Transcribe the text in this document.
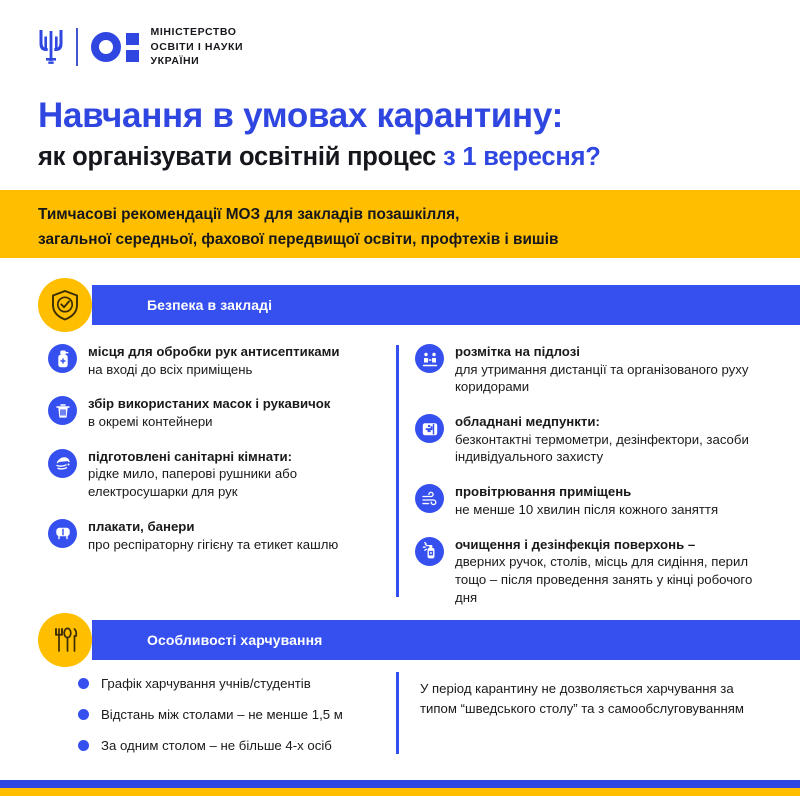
МІНІСТЕРСТВО
ОСВІТИ І НАУКИ
УКРАЇНИ
Навчання в умовах карантину:
як організувати освітній процес з 1 вересня?
Тимчасові рекомендації МОЗ для закладів позашкілля,
загальної середньої, фахової передвищої освіти, профтехів і вишів
Безпека в закладі
місця для обробки рук антисептиками
на вході до всіх приміщень
збір використаних масок і рукавичок
в окремі контейнери
підготовлені санітарні кімнати:
рідке мило, паперові рушники або електросушарки для рук
плакати, банери
про респіраторну гігієну та етикет кашлю
розмітка на підлозі
для утримання дистанції та організованого руху коридорами
обладнані медпункти:
безконтактні термометри, дезінфектори, засоби індивідуального захисту
провітрювання приміщень
не менше 10 хвилин після кожного заняття
очищення і дезінфекція поверхонь –
дверних ручок, столів, місць для сидіння, перил тощо – після проведення занять у кінці робочого дня
Особливості харчування
Графік харчування учнів/студентів
Відстань між столами – не менше 1,5 м
За одним столом – не більше 4-х осіб
У період карантину не дозволяється харчування за типом “шведського столу” та з самообслуговуванням
